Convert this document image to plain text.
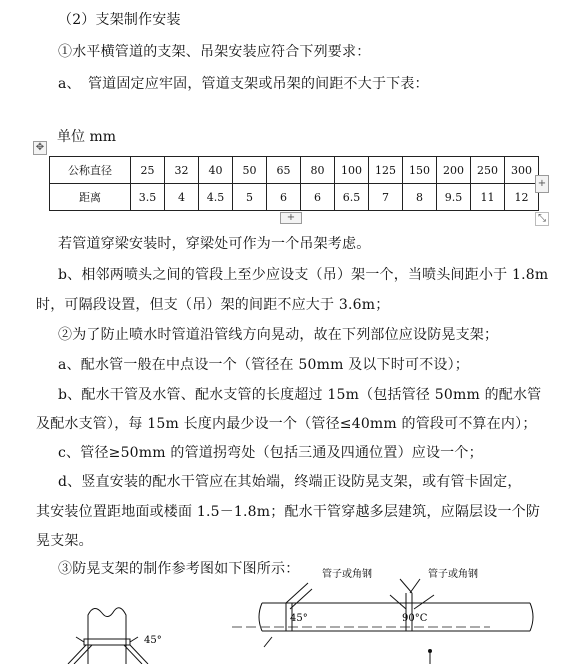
（2）支架制作安装
①水平横管道的支架、吊架安装应符合下列要求：
a、　管道固定应牢固，管道支架或吊架的间距不大于下表：
单位 mm
✥
公称直径	25	32	40	50	65	80	100	125	150	200	250	300
距离	3.5	4	4.5	5	6	6	6.5	7	8	9.5	11	12
+
+	⤡
若管道穿梁安装时，穿梁处可作为一个吊架考虑。
b、相邻两喷头之间的管段上至少应设支（吊）架一个，当喷头间距小于 1.8m
时，可隔段设置，但支（吊）架的间距不应大于 3.6m；
②为了防止喷水时管道沿管线方向晃动，故在下列部位应设防晃支架；
a、配水管一般在中点设一个（管径在 50mm 及以下时可不设）；
b、配水干管及水管、配水支管的长度超过 15m（包括管径 50mm 的配水管
及配水支管），每 15m 长度内最少设一个（管径≤40mm 的管段可不算在内）；
c、管径≥50mm 的管道拐弯处（包括三通及四通位置）应设一个；
d、竖直安装的配水干管应在其始端，终端正设防晃支架，或有管卡固定，
其安装位置距地面或楼面 1.5－1.8m；配水干管穿越多层建筑，应隔层设一个防
晃支架。
③防晃支架的制作参考图如下图所示：
45°
管子或角钢	管子或角钢
45°	90°C
